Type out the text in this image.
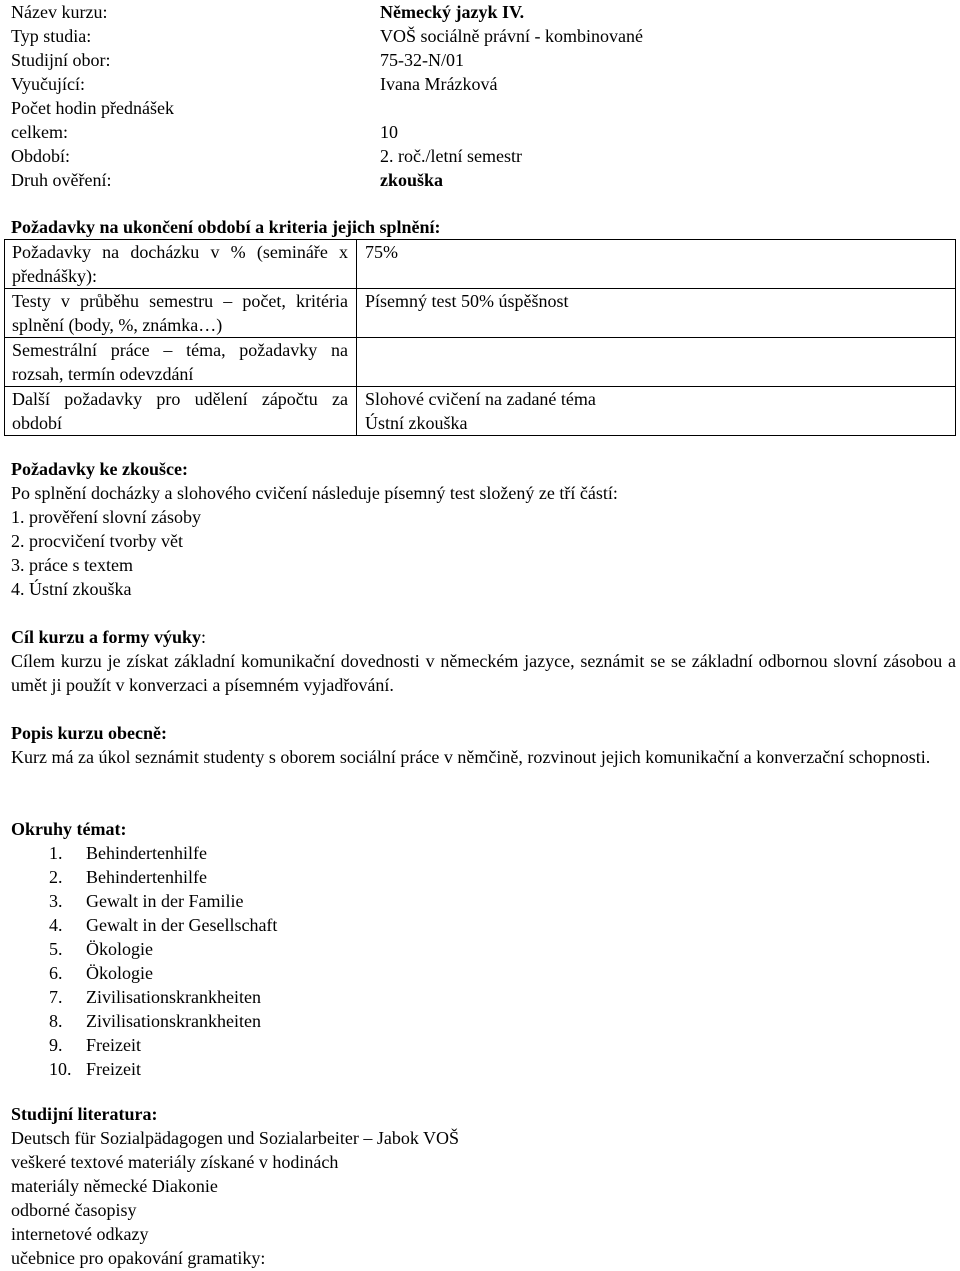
Název kurzu:	Německý jazyk IV.
Typ studia:	VOŠ sociálně právní - kombinované
Studijní obor:	75-32-N/01
Vyučující:	Ivana Mrázková
Počet hodin přednášek
celkem:	10
Období:	2. roč./letní semestr
Druh ověření:	zkouška
Požadavky na ukončení období a kriteria jejich splnění:
Požadavky na docházku v % (semináře x přednášky):	75%
Testy v průběhu semestru – počet, kritéria splnění (body, %, známka…)	Písemný test 50% úspěšnost
Semestrální práce – téma, požadavky na rozsah, termín odevzdání	
Další požadavky pro udělení zápočtu za období	Slohové cvičení na zadané téma
Ústní zkouška
Požadavky ke zkoušce:
Po splnění docházky a slohového cvičení následuje písemný test složený ze tří částí:
1. prověření slovní zásoby
2. procvičení tvorby vět
3. práce s textem
4. Ústní zkouška
Cíl kurzu a formy výuky:
Cílem kurzu je získat základní komunikační dovednosti v německém jazyce, seznámit se se základní odbornou slovní zásobou a umět ji použít v konverzaci a písemném vyjadřování.
Popis kurzu obecně:
Kurz má za úkol seznámit studenty s oborem sociální práce v němčině, rozvinout jejich komunikační a konverzační schopnosti.
Okruhy témat:
1. Behindertenhilfe
2. Behindertenhilfe
3. Gewalt in der Familie
4. Gewalt in der Gesellschaft
5. Ökologie
6. Ökologie
7. Zivilisationskrankheiten
8. Zivilisationskrankheiten
9. Freizeit
10. Freizeit
Studijní literatura:
Deutsch für Sozialpädagogen und Sozialarbeiter – Jabok VOŠ
veškeré textové materiály získané v hodinách
materiály německé Diakonie
odborné časopisy
internetové odkazy
učebnice pro opakování gramatiky:
